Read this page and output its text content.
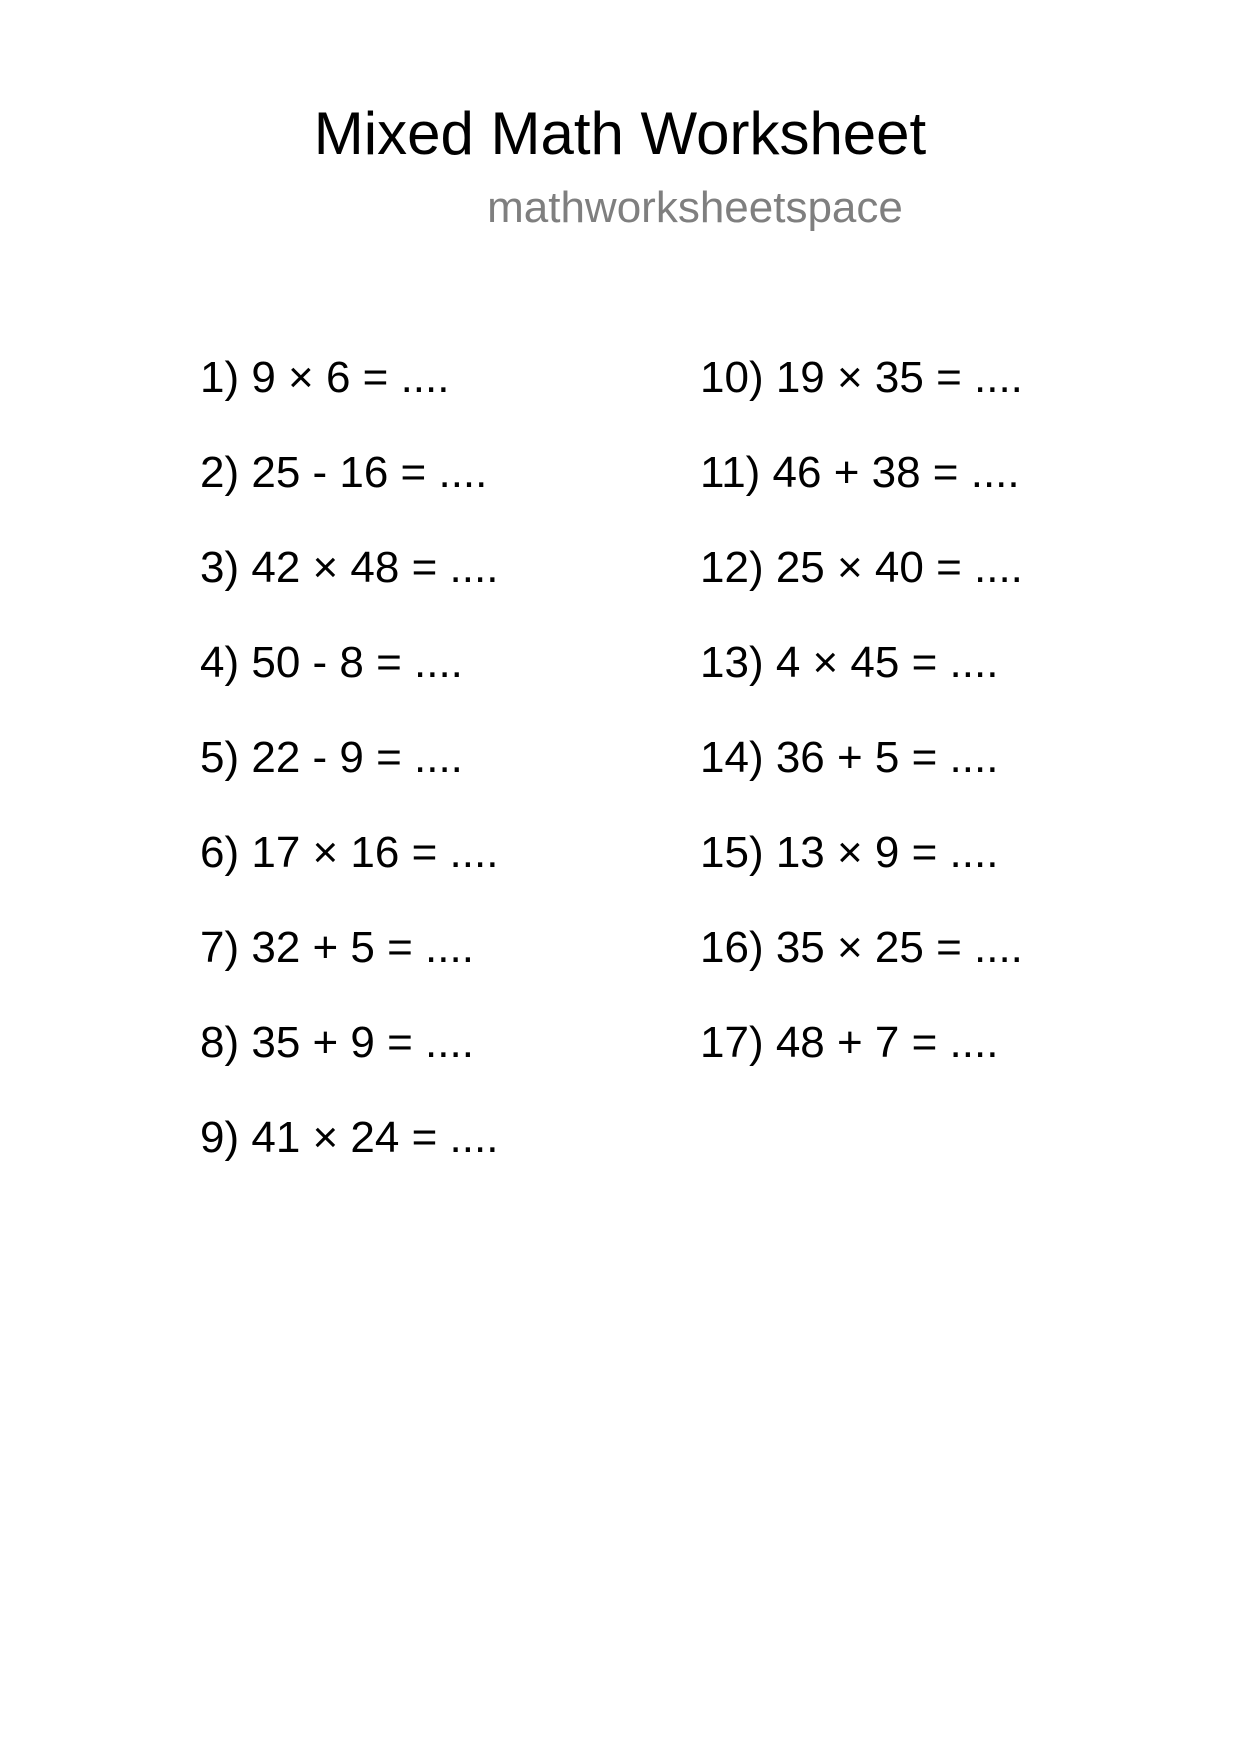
Mixed Math Worksheet
mathworksheetspace
1) 9 × 6 = ....
2) 25 - 16 = ....
3) 42 × 48 = ....
4) 50 - 8 = ....
5) 22 - 9 = ....
6) 17 × 16 = ....
7) 32 + 5 = ....
8) 35 + 9 = ....
9) 41 × 24 = ....
10) 19 × 35 = ....
11) 46 + 38 = ....
12) 25 × 40 = ....
13) 4 × 45 = ....
14) 36 + 5 = ....
15) 13 × 9 = ....
16) 35 × 25 = ....
17) 48 + 7 = ....
